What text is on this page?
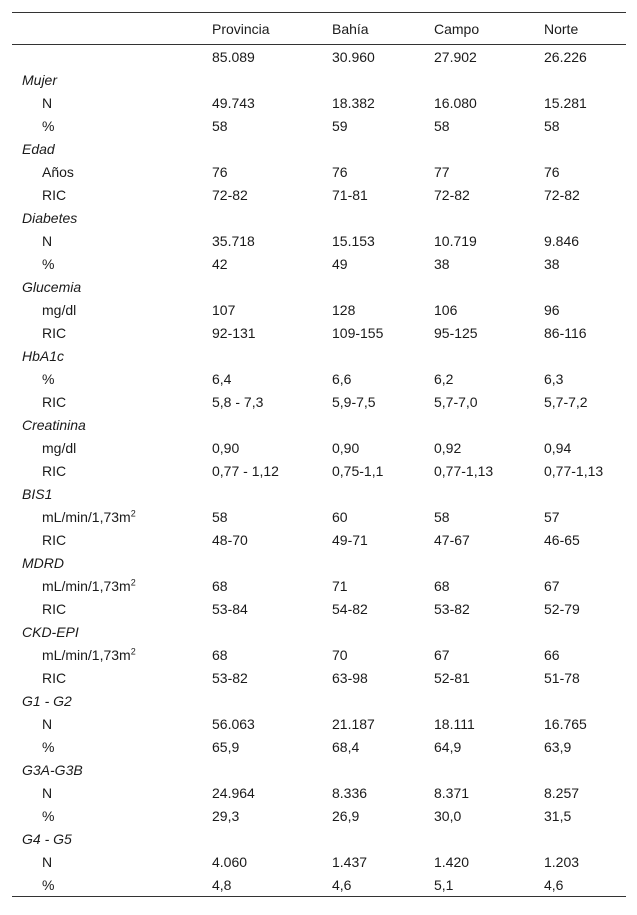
	Provincia	Bahía	Campo	Norte
	85.089	30.960	27.902	26.226
Mujer				
N	49.743	18.382	16.080	15.281
%	58	59	58	58
Edad				
Años	76	76	77	76
RIC	72-82	71-81	72-82	72-82
Diabetes				
N	35.718	15.153	10.719	9.846
%	42	49	38	38
Glucemia				
mg/dl	107	128	106	96
RIC	92-131	109-155	95-125	86-116
HbA1c				
%	6,4	6,6	6,2	6,3
RIC	5,8 - 7,3	5,9-7,5	5,7-7,0	5,7-7,2
Creatinina				
mg/dl	0,90	0,90	0,92	0,94
RIC	0,77 - 1,12	0,75-1,1	0,77-1,13	0,77-1,13
BIS1				
$mL/\min/1,73m^2$	58	60	58	57
RIC	48-70	49-71	47-67	46-65
MDRD				
$mL/\min/1,73m^2$	68	71	68	67
RIC	53-84	54-82	53-82	52-79
CKD-EPI				
$mL/\min/1,73m^2$	68	70	67	66
RIC	53-82	63-98	52-81	51-78
G1 - G2				
N	56.063	21.187	18.111	16.765
%	65,9	68,4	64,9	63,9
G3A-G3B				
N	24.964	8.336	8.371	8.257
%	29,3	26,9	30,0	31,5
G4 - G5				
N	4.060	1.437	1.420	1.203
%	4,8	4,6	5,1	4,6
